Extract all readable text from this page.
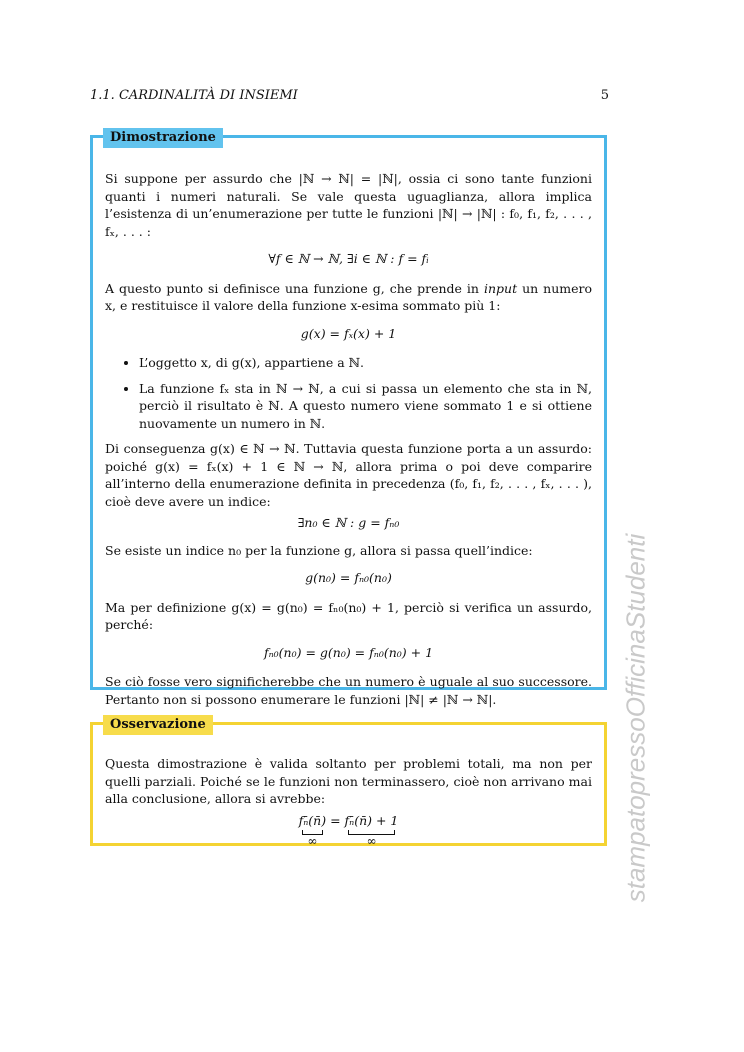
1.1. CARDINALITÀ DI INSIEMI	5
Dimostrazione

Si suppone per assurdo che |ℕ → ℕ| = |ℕ|, ossia ci sono tante funzioni quanti i numeri naturali. Se vale questa uguaglianza, allora implica l’esistenza di un’enumerazione per tutte le funzioni |ℕ| → |ℕ| : f₀, f₁, f₂, . . . , fₓ, . . . :

∀f ∈ ℕ → ℕ, ∃i ∈ ℕ : f = fᵢ

A questo punto si definisce una funzione g, che prende in input un numero x, e restituisce il valore della funzione x-esima sommato più 1:

g(x) = fₓ(x) + 1
• L’oggetto x, di g(x), appartiene a ℕ.
• La funzione fₓ sta in ℕ → ℕ, a cui si passa un elemento che sta in ℕ, perciò il risultato è ℕ. A questo numero viene sommato 1 e si ottiene nuovamente un numero in ℕ.

Di conseguenza g(x) ∈ ℕ → ℕ. Tuttavia questa funzione porta a un assurdo: poiché g(x) = fₓ(x) + 1 ∈ ℕ → ℕ, allora prima o poi deve comparire all’interno della enumerazione definita in precedenza (f₀, f₁, f₂, . . . , fₓ, . . . ), cioè deve avere un indice:

∃n₀ ∈ ℕ : g = fₙ₀

Se esiste un indice n₀ per la funzione g, allora si passa quell’indice:

g(n₀) = fₙ₀(n₀)

Ma per definizione g(x) = g(n₀) = fₙ₀(n₀) + 1, perciò si verifica un assurdo, perché:

fₙ₀(n₀) = g(n₀) = fₙ₀(n₀) + 1

Se ciò fosse vero significherebbe che un numero è uguale al suo successore. Pertanto non si possono enumerare le funzioni |ℕ| ≠ |ℕ → ℕ|.

Osservazione

Questa dimostrazione è valida soltanto per problemi totali, ma non per quelli parziali. Poiché se le funzioni non terminassero, cioè non arrivano mai alla conclusione, allora si avrebbe:

fₙ̄(n̄)
∞
= fₙ̄(n̄) + 1
∞	stampatopressoOfficinaStudenti
